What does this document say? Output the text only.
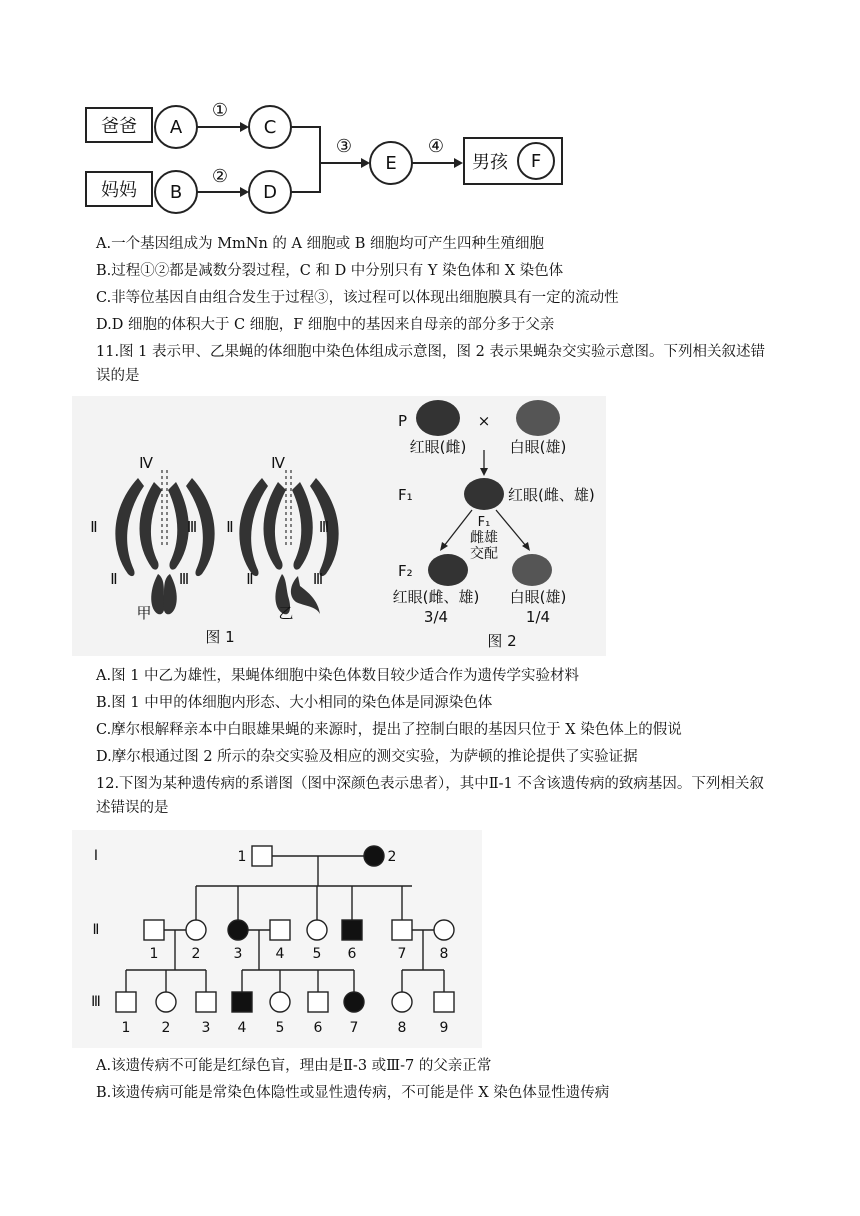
爸爸
妈妈
男孩
A
B
C
D
E	F
①
②
③	④
A.一个基因组成为 MmNn 的 A 细胞或 B 细胞均可产生四种生殖细胞
B.过程①②都是减数分裂过程，C 和 D 中分别只有 Y 染色体和 X 染色体
C.非等位基因自由组合发生于过程③，该过程可以体现出细胞膜具有一定的流动性
D.D 细胞的体积大于 C 细胞，F 细胞中的基因来自母亲的部分多于父亲
11.图 1 表示甲、乙果蝇的体细胞中染色体组成示意图，图 2 表示果蝇杂交实验示意图。下列相关叙述错误的是
Ⅳ
Ⅱ	Ⅲ
Ⅱ	Ⅲ
甲
Ⅳ
Ⅱ	Ⅲ
Ⅱ	Ⅲ
乙
图 1
P	×
红眼(雌)	白眼(雄)
F₁	红眼(雌、雄)
F₁
雌雄
交配
F₂
红眼(雌、雄) 白眼(雄)
3/4	1/4
图 2
A.图 1 中乙为雄性，果蝇体细胞中染色体数目较少适合作为遗传学实验材料
B.图 1 中甲的体细胞内形态、大小相同的染色体是同源染色体
C.摩尔根解释亲本中白眼雄果蝇的来源时，提出了控制白眼的基因只位于 X 染色体上的假说
D.摩尔根通过图 2 所示的杂交实验及相应的测交实验，为萨顿的推论提供了实验证据
12.下图为某种遗传病的系谱图（图中深颜色表示患者），其中Ⅱ-1 不含该遗传病的致病基因。下列相关叙述错误的是
Ⅰ
Ⅱ
Ⅲ
1	2
1 2 3 4 5 6	7 8
1 2 3 4 5 6 7	8 9
A.该遗传病不可能是红绿色盲，理由是Ⅱ-3 或Ⅲ-7 的父亲正常
B.该遗传病可能是常染色体隐性或显性遗传病，不可能是伴 X 染色体显性遗传病
